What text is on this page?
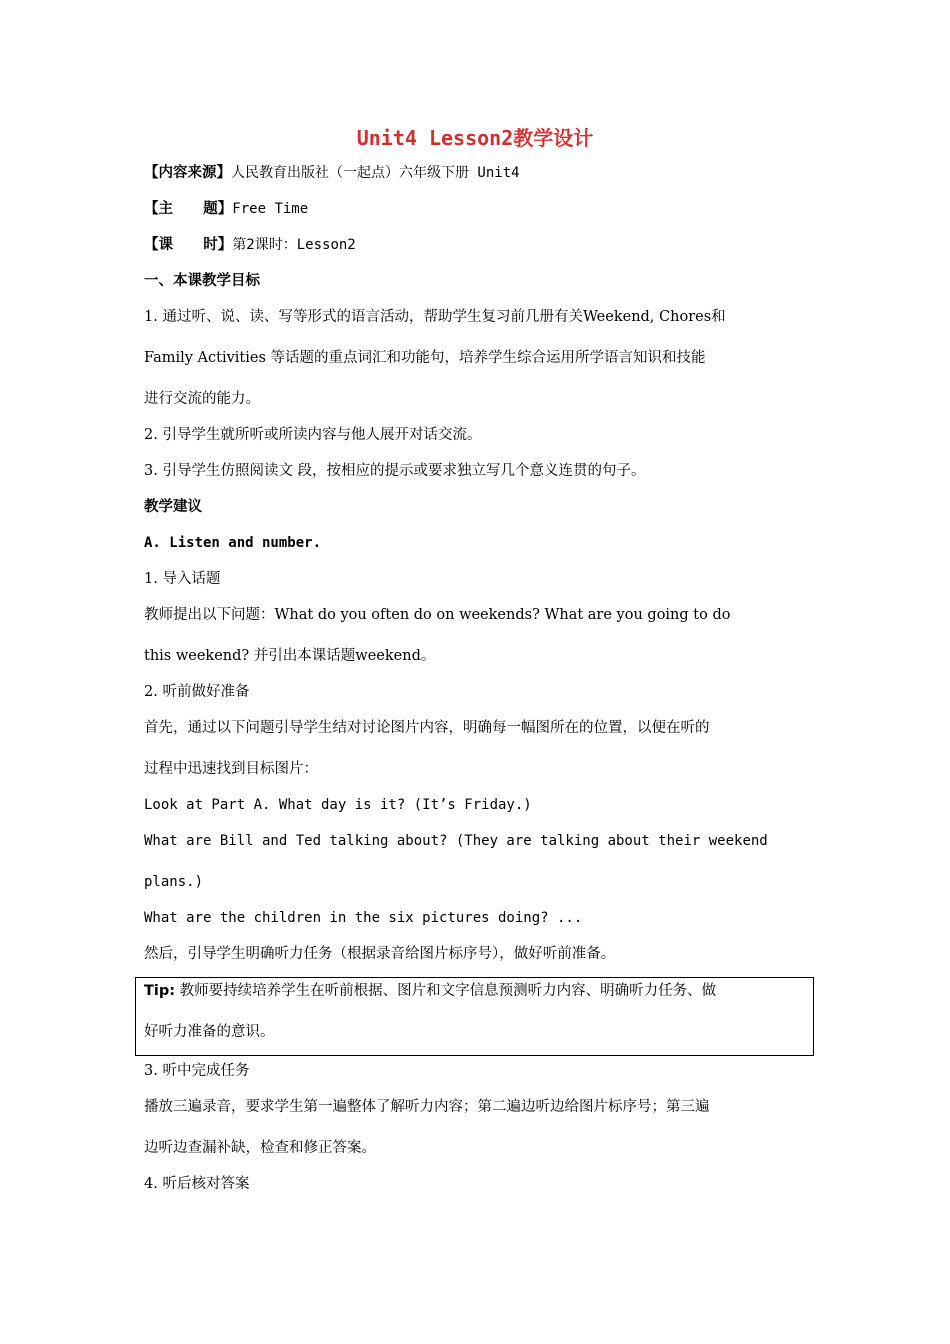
Unit4 Lesson2教学设计

【内容来源】人民教育出版社（一起点）六年级下册 Unit4

【主      题】Free Time

【课      时】第2课时：Lesson2

一、本课教学目标

1. 通过听、说、读、写等形式的语言活动，帮助学生复习前几册有关Weekend, Chores和

Family Activities 等话题的重点词汇和功能句，培养学生综合运用所学语言知识和技能

进行交流的能力。

2. 引导学生就所听或所读内容与他人展开对话交流。

3. 引导学生仿照阅读文 段，按相应的提示或要求独立写几个意义连贯的句子。

教学建议

A. Listen and number.

1. 导入话题

教师提出以下问题：What do you often do on weekends? What are you going to do

this weekend? 并引出本课话题weekend。

2. 听前做好准备

首先，通过以下问题引导学生结对讨论图片内容，明确每一幅图所在的位置，以便在听的

过程中迅速找到目标图片：

Look at Part A. What day is it? (It’s Friday.)

What are Bill and Ted talking about? (They are talking about their weekend

plans.)

What are the children in the six pictures doing? ...

然后，引导学生明确听力任务（根据录音给图片标序号），做好听前准备。

Tip: 教师要持续培养学生在听前根据、图片和文字信息预测听力内容、明确听力任务、做

好听力准备的意识。

3. 听中完成任务

播放三遍录音，要求学生第一遍整体了解听力内容；第二遍边听边给图片标序号；第三遍

边听边查漏补缺，检查和修正答案。

4. 听后核对答案
